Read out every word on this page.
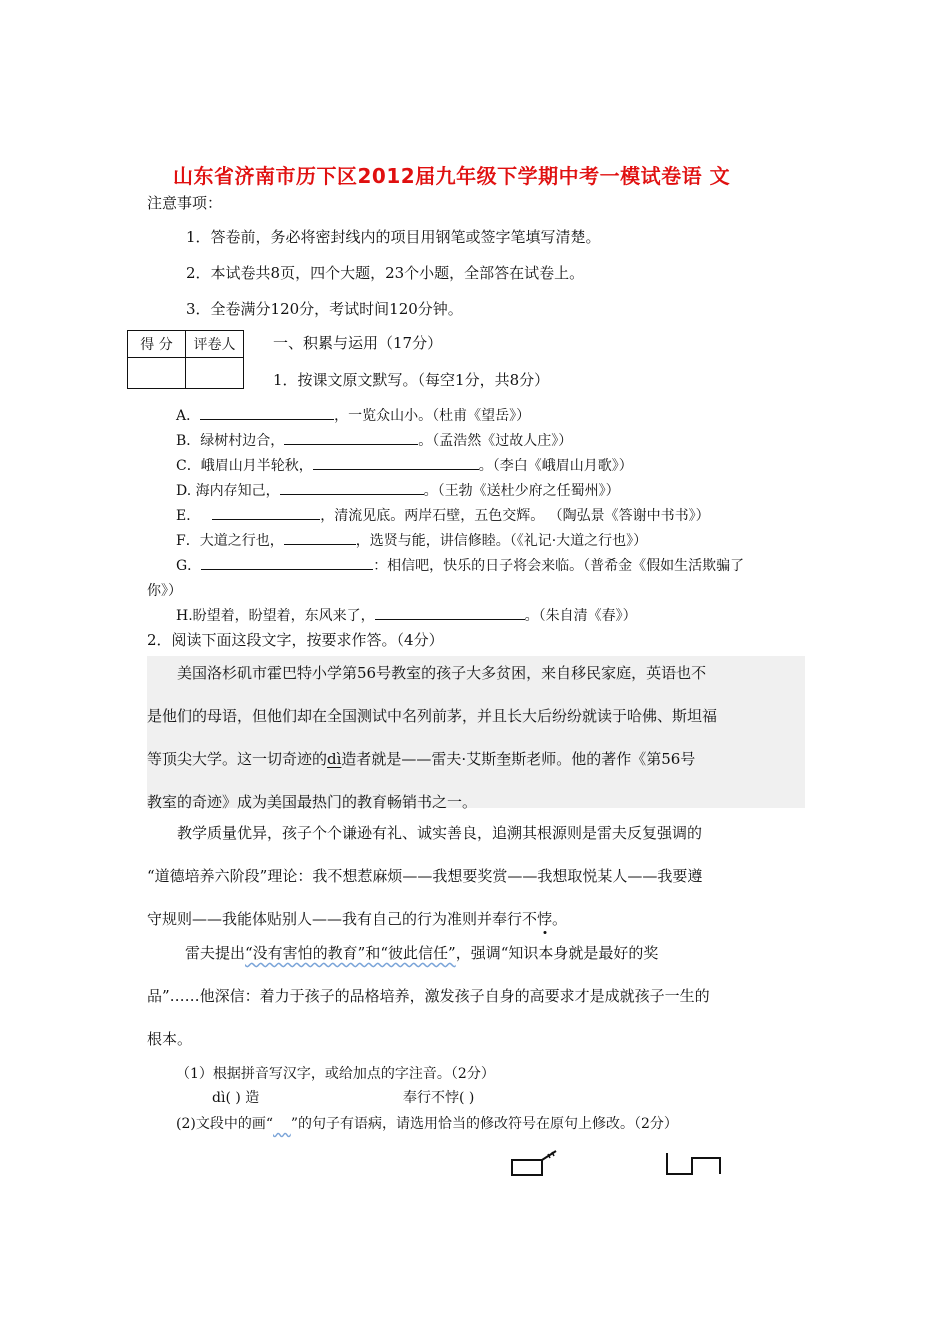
山东省济南市历下区2012届九年级下学期中考一模试卷语 文
注意事项：
1．答卷前，务必将密封线内的项目用钢笔或签字笔填写清楚。
2．本试卷共8页，四个大题，23个小题，全部答在试卷上。
3．全卷满分120分，考试时间120分钟。
得 分	评卷人
		一、积累与运用（17分）
1．按课文原文默写。（每空1分，共8分）
A．	，一览众山小。（杜甫《望岳》）
B．绿树村边合，	。（孟浩然《过故人庄》）
C．峨眉山月半轮秋，	。（李白《峨眉山月歌》）
D. 海内存知己，	。（王勃《送杜少府之任蜀州》）
E．	，清流见底。两岸石壁，五色交辉。 （陶弘景《答谢中书书》）
F．大道之行也，	，选贤与能，讲信修睦。（《礼记·大道之行也》）
G．	：相信吧，快乐的日子将会来临。（普希金《假如生活欺骗了
你》）
H.盼望着，盼望着，东风来了，	。（朱自清《春》）
2．阅读下面这段文字，按要求作答。（4分）
美国洛杉矶市霍巴特小学第56号教室的孩子大多贫困，来自移民家庭，英语也不
是他们的母语，但他们却在全国测试中名列前茅，并且长大后纷纷就读于哈佛、斯坦福
等顶尖大学。这一切奇迹的dì造者就是——雷夫·艾斯奎斯老师。他的著作《第56号
教室的奇迹》成为美国最热门的教育畅销书之一。
教学质量优异，孩子个个谦逊有礼、诚实善良，追溯其根源则是雷夫反复强调的
“道德培养六阶段”理论：我不想惹麻烦——我想要奖赏——我想取悦某人——我要遵
守规则——我能体贴别人——我有自己的行为准则并奉行不悖。
雷夫提出“没有害怕的教育”和“彼此信任”，强调“知识本身就是最好的奖
品”……他深信：着力于孩子的品格培养，激发孩子自身的高要求才是成就孩子一生的
根本。
（1）根据拼音写汉字，或给加点的字注音。（2分）
dì( ) 造	奉行不悖( )
(2)文段中的画“ ”的句子有语病，请选用恰当的修改符号在原句上修改。（2分）
